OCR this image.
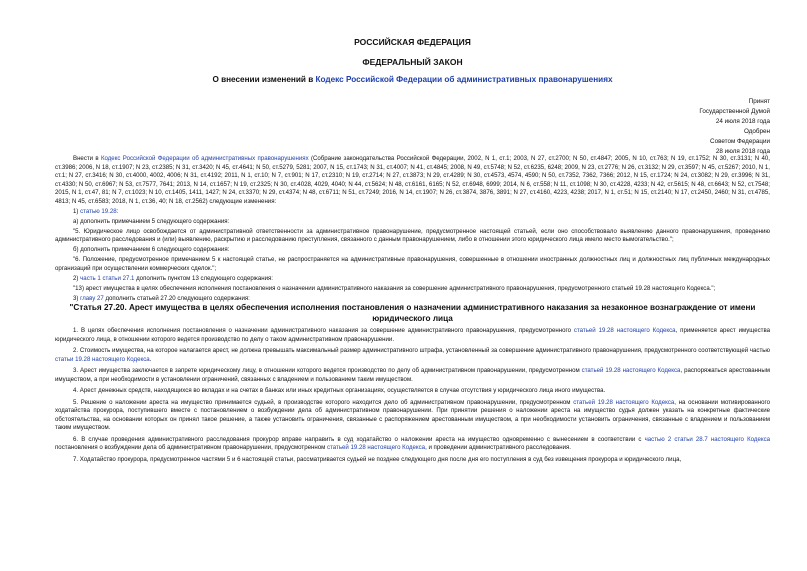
РОССИЙСКАЯ ФЕДЕРАЦИЯ
ФЕДЕРАЛЬНЫЙ ЗАКОН
О внесении изменений в Кодекс Российской Федерации об административных правонарушениях
Принят
Государственной Думой
24 июля 2018 года
Одобрен
Советом Федерации
28 июля 2018 года

Внести в Кодекс Российской Федерации об административных правонарушениях (Собрание законодательства Российской Федерации, 2002, N 1, ст.1; 2003, N 27, ст.2700; N 50, ст.4847; 2005, N 10, ст.763; N 19, ст.1752; N 30, ст.3131; N 40, ст.3986; 2006, N 18, ст.1907; N 23, ст.2385; N 31, ст.3420; N 45, ст.4641; N 50, ст.5279, 5281; 2007, N 15, ст.1743; N 31, ст.4007; N 41, ст.4845; 2008, N 49, ст.5748; N 52, ст.6235, 6248; 2009, N 23, ст.2776; N 26, ст.3132; N 29, ст.3597; N 45, ст.5267; 2010, N 1, ст.1; N 27, ст.3416; N 30, ст.4000, 4002, 4006; N 31, ст.4192; 2011, N 1, ст.10; N 7, ст.901; N 17, ст.2310; N 19, ст.2714; N 27, ст.3873; N 29, ст.4289; N 30, ст.4573, 4574, 4590; N 50, ст.7352, 7362, 7366; 2012, N 15, ст.1724; N 24, ст.3082; N 29, ст.3996; N 31, ст.4330; N 50, ст.6967; N 53, ст.7577, 7641; 2013, N 14, ст.1657; N 19, ст.2325; N 30, ст.4028, 4029, 4040; N 44, ст.5624; N 48, ст.6161, 6165; N 52, ст.6948, 6999; 2014, N 6, ст.558; N 11, ст.1098; N 30, ст.4228, 4233; N 42, ст.5615; N 48, ст.6643; N 52, ст.7548; 2015, N 1, ст.47, 81; N 7, ст.1023; N 10, ст.1405, 1411, 1427; N 24, ст.3370; N 29, ст.4374; N 48, ст.6711; N 51, ст.7249; 2016, N 14, ст.1907; N 26, ст.3874, 3876, 3891; N 27, ст.4160, 4223, 4238; 2017, N 1, ст.51; N 15, ст.2140; N 17, ст.2450, 2460; N 31, ст.4785, 4813; N 45, ст.6583; 2018, N 1, ст.36, 40; N 18, ст.2562) следующие изменения:

1) статью 19.28:

а) дополнить примечанием 5 следующего содержания:

"5. Юридическое лицо освобождается от административной ответственности за административное правонарушение, предусмотренное настоящей статьей, если оно способствовало выявлению данного правонарушения, проведению административного расследования и (или) выявлению, раскрытию и расследованию преступления, связанного с данным правонарушением, либо в отношении этого юридического лица имело место вымогательство.";

б) дополнить примечанием 6 следующего содержания:

"6. Положение, предусмотренное примечанием 5 к настоящей статье, не распространяется на административные правонарушения, совершенные в отношении иностранных должностных лиц и должностных лиц публичных международных организаций при осуществлении коммерческих сделок.";

2) часть 1 статьи 27.1 дополнить пунктом 13 следующего содержания:

"13) арест имущества в целях обеспечения исполнения постановления о назначении административного наказания за совершение административного правонарушения, предусмотренного статьей 19.28 настоящего Кодекса.";

3) главу 27 дополнить статьей 27.20 следующего содержания:

"Статья 27.20. Арест имущества в целях обеспечения исполнения постановления о назначении административного наказания за незаконное вознаграждение от имени юридического лица

1. В целях обеспечения исполнения постановления о назначении административного наказания за совершение административного правонарушения, предусмотренного статьей 19.28 настоящего Кодекса, применяется арест имущества юридического лица, в отношении которого ведется производство по делу о таком административном правонарушении.

2. Стоимость имущества, на которое налагается арест, не должна превышать максимальный размер административного штрафа, установленный за совершение административного правонарушения, предусмотренного соответствующей частью статьи 19.28 настоящего Кодекса.

3. Арест имущества заключается в запрете юридическому лицу, в отношении которого ведется производство по делу об административном правонарушении, предусмотренном статьей 19.28 настоящего Кодекса, распоряжаться арестованным имуществом, а при необходимости в установлении ограничений, связанных с владением и пользованием таким имуществом.

4. Арест денежных средств, находящихся во вкладах и на счетах в банках или иных кредитных организациях, осуществляется в случае отсутствия у юридического лица иного имущества.

5. Решение о наложении ареста на имущество принимается судьей, в производстве которого находится дело об административном правонарушении, предусмотренном статьей 19.28 настоящего Кодекса, на основании мотивированного ходатайства прокурора, поступившего вместе с постановлением о возбуждении дела об административном правонарушении. При принятии решения о наложении ареста на имущество судья должен указать на конкретные фактические обстоятельства, на основании которых он принял такое решение, а также установить ограничения, связанные с распоряжением арестованным имуществом, а при необходимости установить ограничения, связанные с владением и пользованием таким имуществом.

6. В случае проведения административного расследования прокурор вправе направить в суд ходатайство о наложении ареста на имущество одновременно с вынесением в соответствии с частью 2 статьи 28.7 настоящего Кодекса постановления о возбуждении дела об административном правонарушении, предусмотренном статьей 19.28 настоящего Кодекса, и проведении административного расследования.

7. Ходатайство прокурора, предусмотренное частями 5 и 6 настоящей статьи, рассматривается судьей не позднее следующего дня после дня его поступления в суд без извещения прокурора и юридического лица,
